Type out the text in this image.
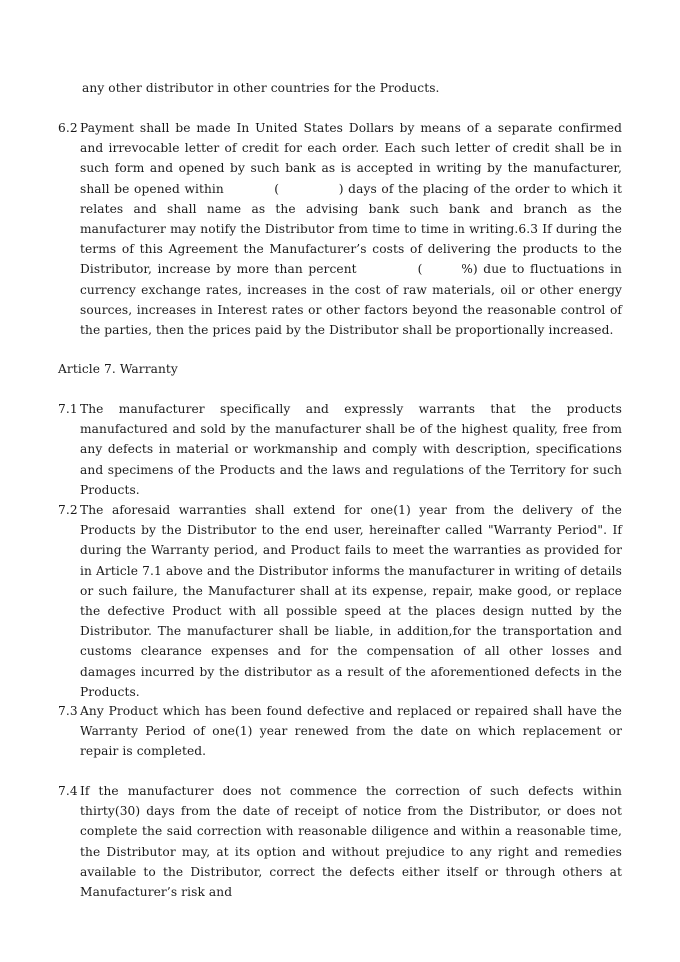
any other distributor in other countries for the Products.
6.2 Payment shall be made In United States Dollars by means of a separate confirmed and irrevocable letter of credit for each order. Each such letter of credit shall be in such form and opened by such bank as is accepted in writing by the manufacturer, shall be opened within           (             ) days of the placing of the order to which it relates and shall name as the advising bank such bank and branch as the manufacturer may notify the Distributor from time to time in writing.6.3 If during the terms of this Agreement the Manufacturer’s costs of delivering the products to the Distributor, increase by more than percent           (       %) due to fluctuations in currency exchange rates, increases in the cost of raw materials, oil or other energy sources, increases in Interest rates or other factors beyond the reasonable control of the parties, then the prices paid by the Distributor shall be proportionally increased.
Article 7. Warranty
7.1 The manufacturer specifically and expressly warrants that the products manufactured and sold by the manufacturer shall be of the highest quality, free from any defects in material or workmanship and comply with description, specifications and specimens of the Products and the laws and regulations of the Territory for such Products.
7.2 The aforesaid warranties shall extend for one(1) year from the delivery of the Products by the Distributor to the end user, hereinafter called "Warranty Period". If during the Warranty period, and Product fails to meet the warranties as provided for in Article 7.1 above and the Distributor informs the manufacturer in writing of details or such failure, the Manufacturer shall at its expense, repair, make good, or replace the defective Product with all possible speed at the places design nutted by the Distributor. The manufacturer shall be liable, in addition,for the transportation and customs clearance expenses and for the compensation of all other losses and damages incurred by the distributor as a result of the aforementioned defects in the Products.
7.3 Any Product which has been found defective and replaced or repaired shall have the Warranty Period of one(1) year renewed from the date on which replacement or repair is completed.
7.4 If the manufacturer does not commence the correction of such defects within thirty(30) days from the date of receipt of notice from the Distributor, or does not complete the said correction with reasonable diligence and within a reasonable time, the Distributor may, at its option and without prejudice to any right and remedies available to the Distributor, correct the defects either itself or through others at Manufacturer’s risk and
